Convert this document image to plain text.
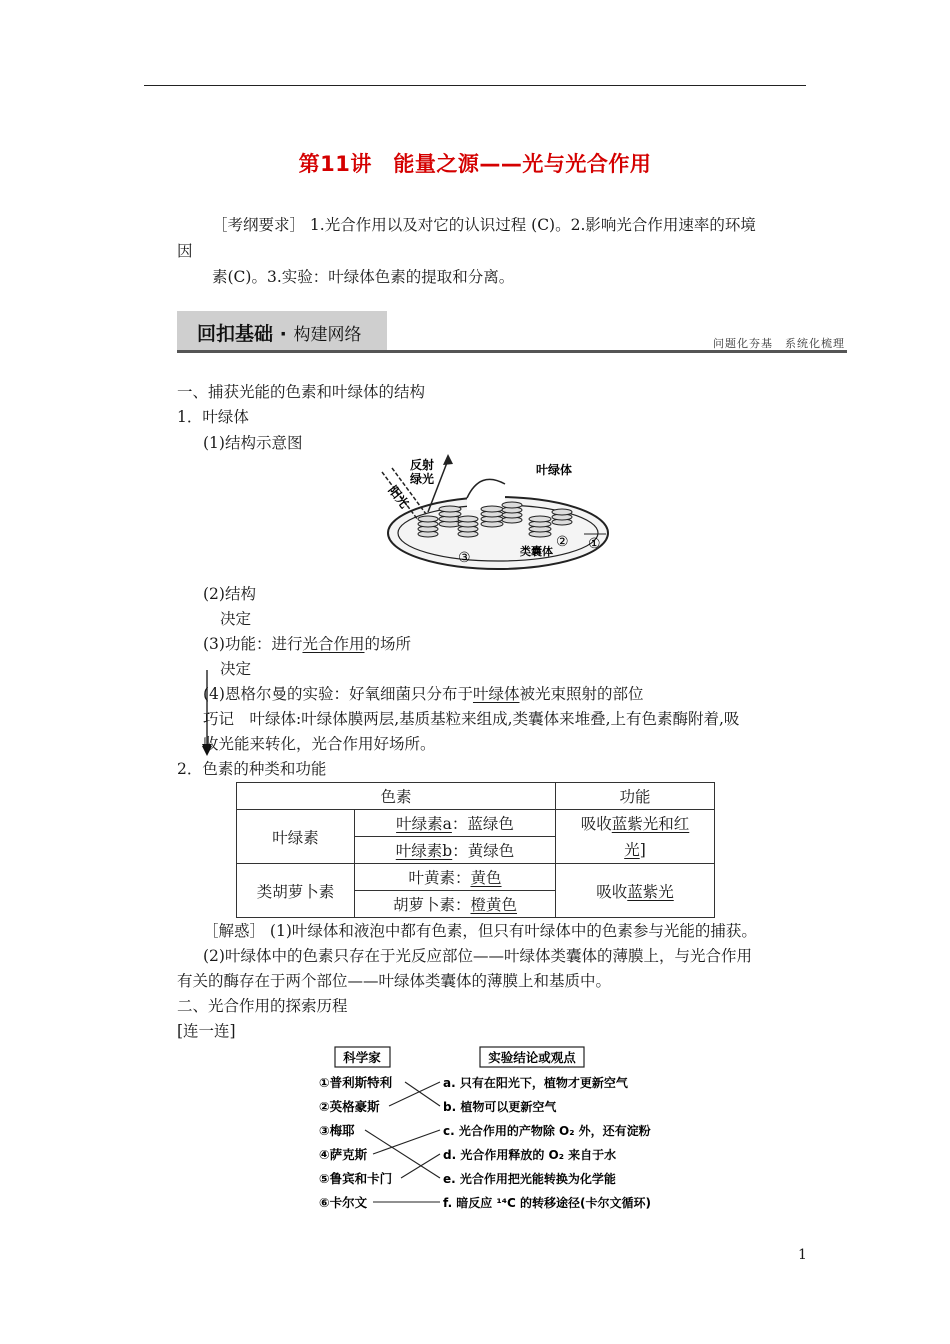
第11讲　能量之源——光与光合作用
［考纲要求］ 1.光合作用以及对它的认识过程 (C)。2.影响光合作用速率的环境
因
素(C)。3.实验：叶绿体色素的提取和分离。
回扣基础 · 构建网络	问题化夯基　系统化梳理
一、捕获光能的色素和叶绿体的结构
1．叶绿体
(1)结构示意图
反射
绿光
阳光
叶绿体
类囊体
③
② ①
(2)结构
决定
(3)功能：进行光合作用的场所
决定
(4)恩格尔曼的实验：好氧细菌只分布于叶绿体被光束照射的部位
巧记　叶绿体:叶绿体膜两层,基质基粒来组成,类囊体来堆叠,上有色素酶附着,吸
收光能来转化，光合作用好场所。
2．色素的种类和功能
色素		功能
叶绿素	叶绿素a：蓝绿色	吸收蓝紫光和红
光]
	叶绿素b：黄绿色	
类胡萝卜素	叶黄素：黄色	吸收蓝紫光
	胡萝卜素：橙黄色	
［解惑］ (1)叶绿体和液泡中都有色素，但只有叶绿体中的色素参与光能的捕获。
(2)叶绿体中的色素只存在于光反应部位——叶绿体类囊体的薄膜上，与光合作用
有关的酶存在于两个部位——叶绿体类囊体的薄膜上和基质中。
二、光合作用的探索历程
[连一连]
科学家	实验结论或观点
①普利斯特利
②英格豪斯
③梅耶
④萨克斯
⑤鲁宾和卡门
⑥卡尔文
a. 只有在阳光下，植物才更新空气
b. 植物可以更新空气
c. 光合作用的产物除 O₂ 外，还有淀粉
d. 光合作用释放的 O₂ 来自于水
e. 光合作用把光能转换为化学能
f. 暗反应 ¹⁴C 的转移途径(卡尔文循环)
1
